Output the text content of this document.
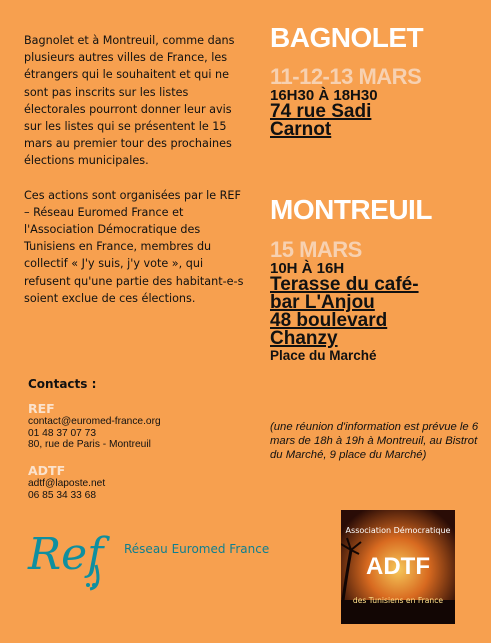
Bagnolet et à Montreuil, comme dans plusieurs autres villes de France, les étrangers qui le souhaitent et qui ne sont pas inscrits sur les listes électorales pourront donner leur avis sur les listes qui se présentent le 15 mars au premier tour des prochaines élections municipales.

Ces actions sont organisées par le REF – Réseau Euromed France et l'Association Démocratique des Tunisiens en France, membres du collectif « J'y suis, j'y vote », qui refusent qu'une partie des habitant-e-s soient exclue de ces élections.

Contacts :
REF
contact@euromed-france.org
01 48 37 07 73
80, rue de Paris - Montreuil
ADTF
adtf@laposte.net
06 85 34 33 68
BAGNOLET
11-12-13 MARS
16H30 À 18H30
74 rue Sadi
Carnot
MONTREUIL
15 MARS
10H À 16H
Terasse du café-
bar L'Anjou
48 boulevard
Chanzy
Place du Marché
(une réunion d'information est prévue le 6 mars de 18h à 19h à Montreuil, au Bistrot du Marché, 9 place du Marché)
Ref	Réseau Euromed France
Association Démocratique
ADTF
des Tunisiens en France
